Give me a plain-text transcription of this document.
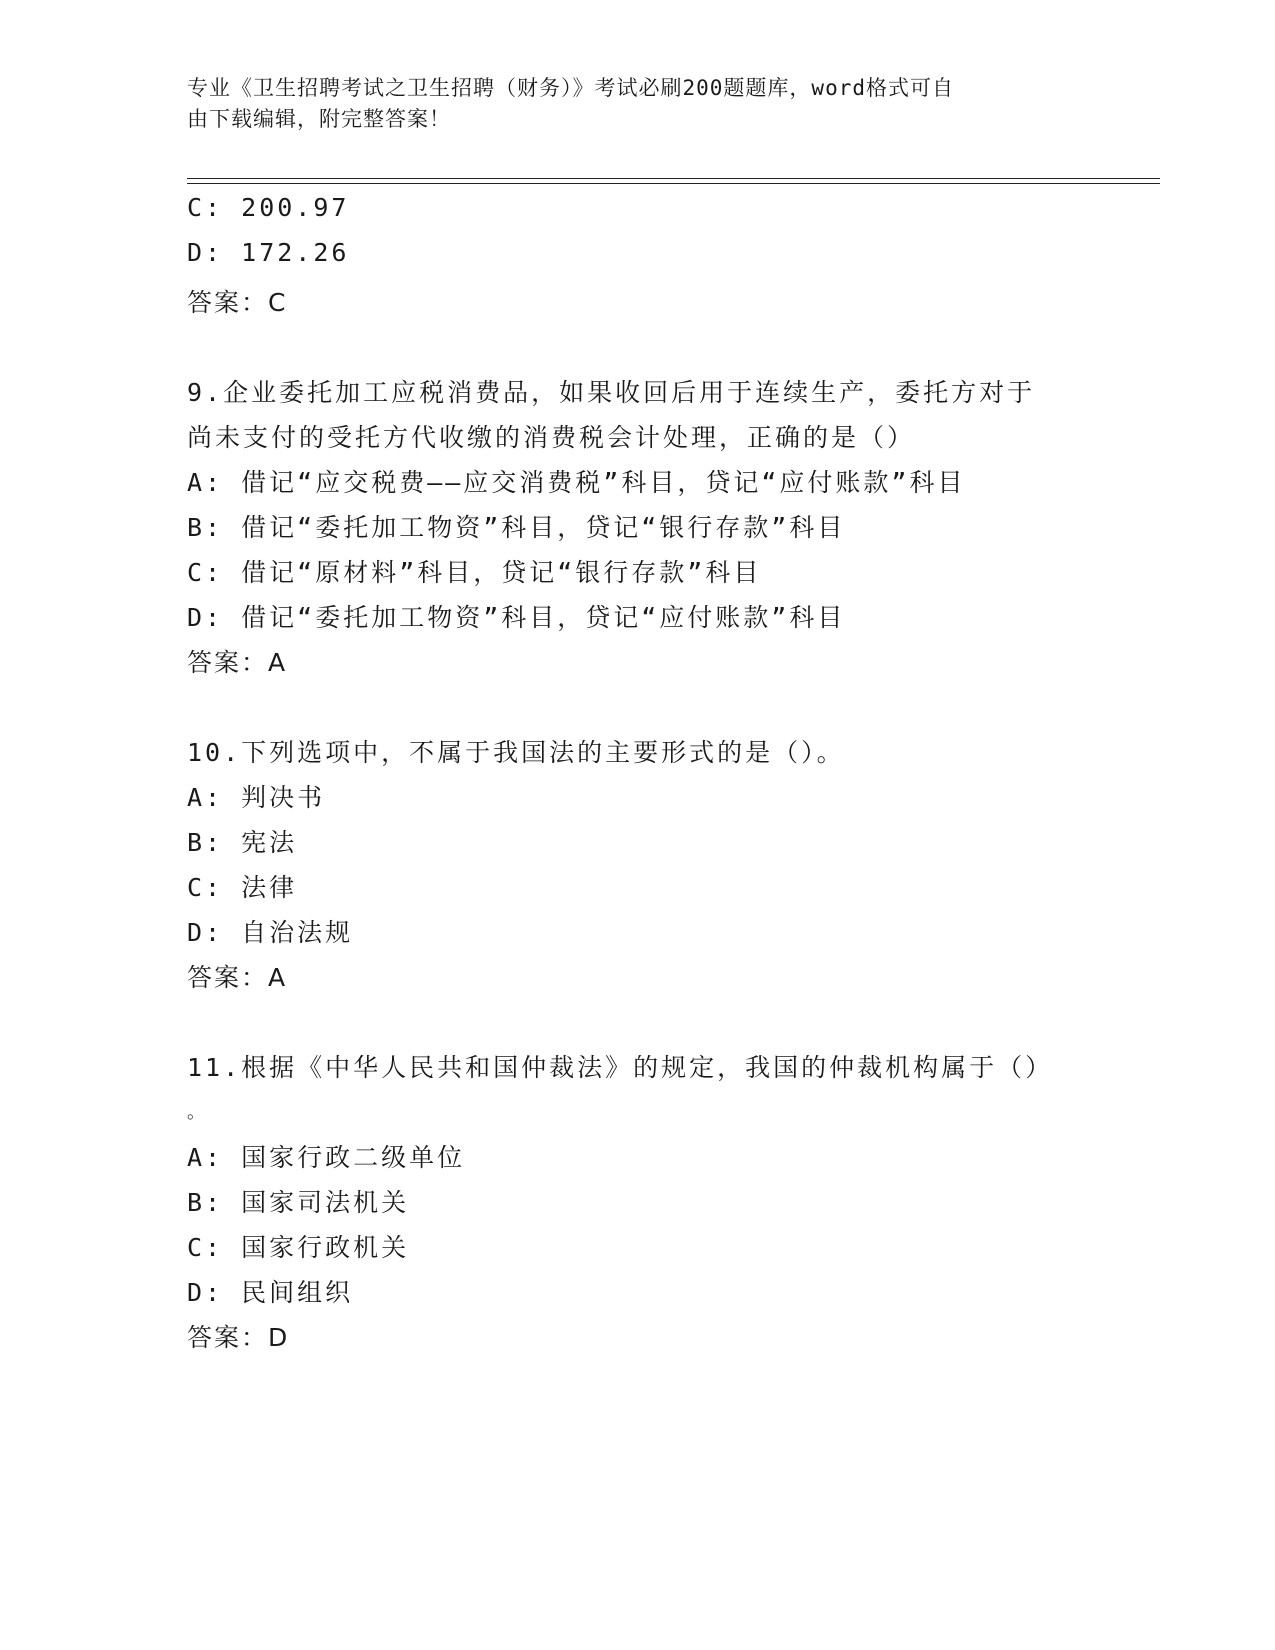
专业《卫生招聘考试之卫生招聘（财务）》考试必刷200题题库，word格式可自
由下载编辑，附完整答案！
C: 200.97
D: 172.26
答案：C
9.企业委托加工应税消费品，如果收回后用于连续生产，委托方对于
尚未支付的受托方代收缴的消费税会计处理，正确的是（）
A: 借记“应交税费——应交消费税”科目，贷记“应付账款”科目
B: 借记“委托加工物资”科目，贷记“银行存款”科目
C: 借记“原材料”科目，贷记“银行存款”科目
D: 借记“委托加工物资”科目，贷记“应付账款”科目
答案：A
10.下列选项中，不属于我国法的主要形式的是（）。
A: 判决书
B: 宪法
C: 法律
D: 自治法规
答案：A
11.根据《中华人民共和国仲裁法》的规定，我国的仲裁机构属于（）
。
A: 国家行政二级单位
B: 国家司法机关
C: 国家行政机关
D: 民间组织
答案：D
